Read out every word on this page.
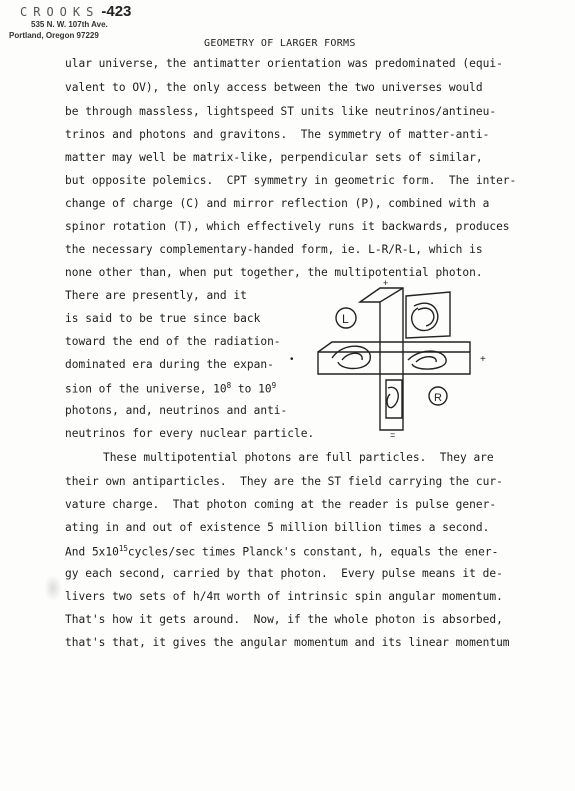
CROOKS -423
535 N. W. 107th Ave.
Portland, Oregon 97229
GEOMETRY OF LARGER FORMS
ular universe, the antimatter orientation was predominated (equi-
valent to OV), the only access between the two universes would
be through massless, lightspeed ST units like neutrinos/antineu-
trinos and photons and gravitons.  The symmetry of matter-anti-
matter may well be matrix-like, perpendicular sets of similar,
but opposite polemics.  CPT symmetry in geometric form.  The inter-
change of charge (C) and mirror reflection (P), combined with a
spinor rotation (T), which effectively runs it backwards, produces
the necessary complementary-handed form, ie. L-R/R-L, which is
none other than, when put together, the multipotential photon.
There are presently, and it
is said to be true since back
toward the end of the radiation-
dominated era during the expan-
sion of the universe, $10^8$ to $10^9$
photons, and, neutrinos and anti-
neutrinos for every nuclear particle.
L
R
+
•	+
=
These multipotential photons are full particles.  They are
their own antiparticles.  They are the ST field carrying the cur-
vature charge.  That photon coming at the reader is pulse gener-
ating in and out of existence 5 million billion times a second.
And $5x10^{15}cycles/\sec$ times Planck's constant, h, equals the ener-
gy each second, carried by that photon.  Every pulse means it de-
livers two sets of h/4π worth of intrinsic spin angular momentum.
That's how it gets around.  Now, if the whole photon is absorbed,
that's that, it gives the angular momentum and its linear momentum
